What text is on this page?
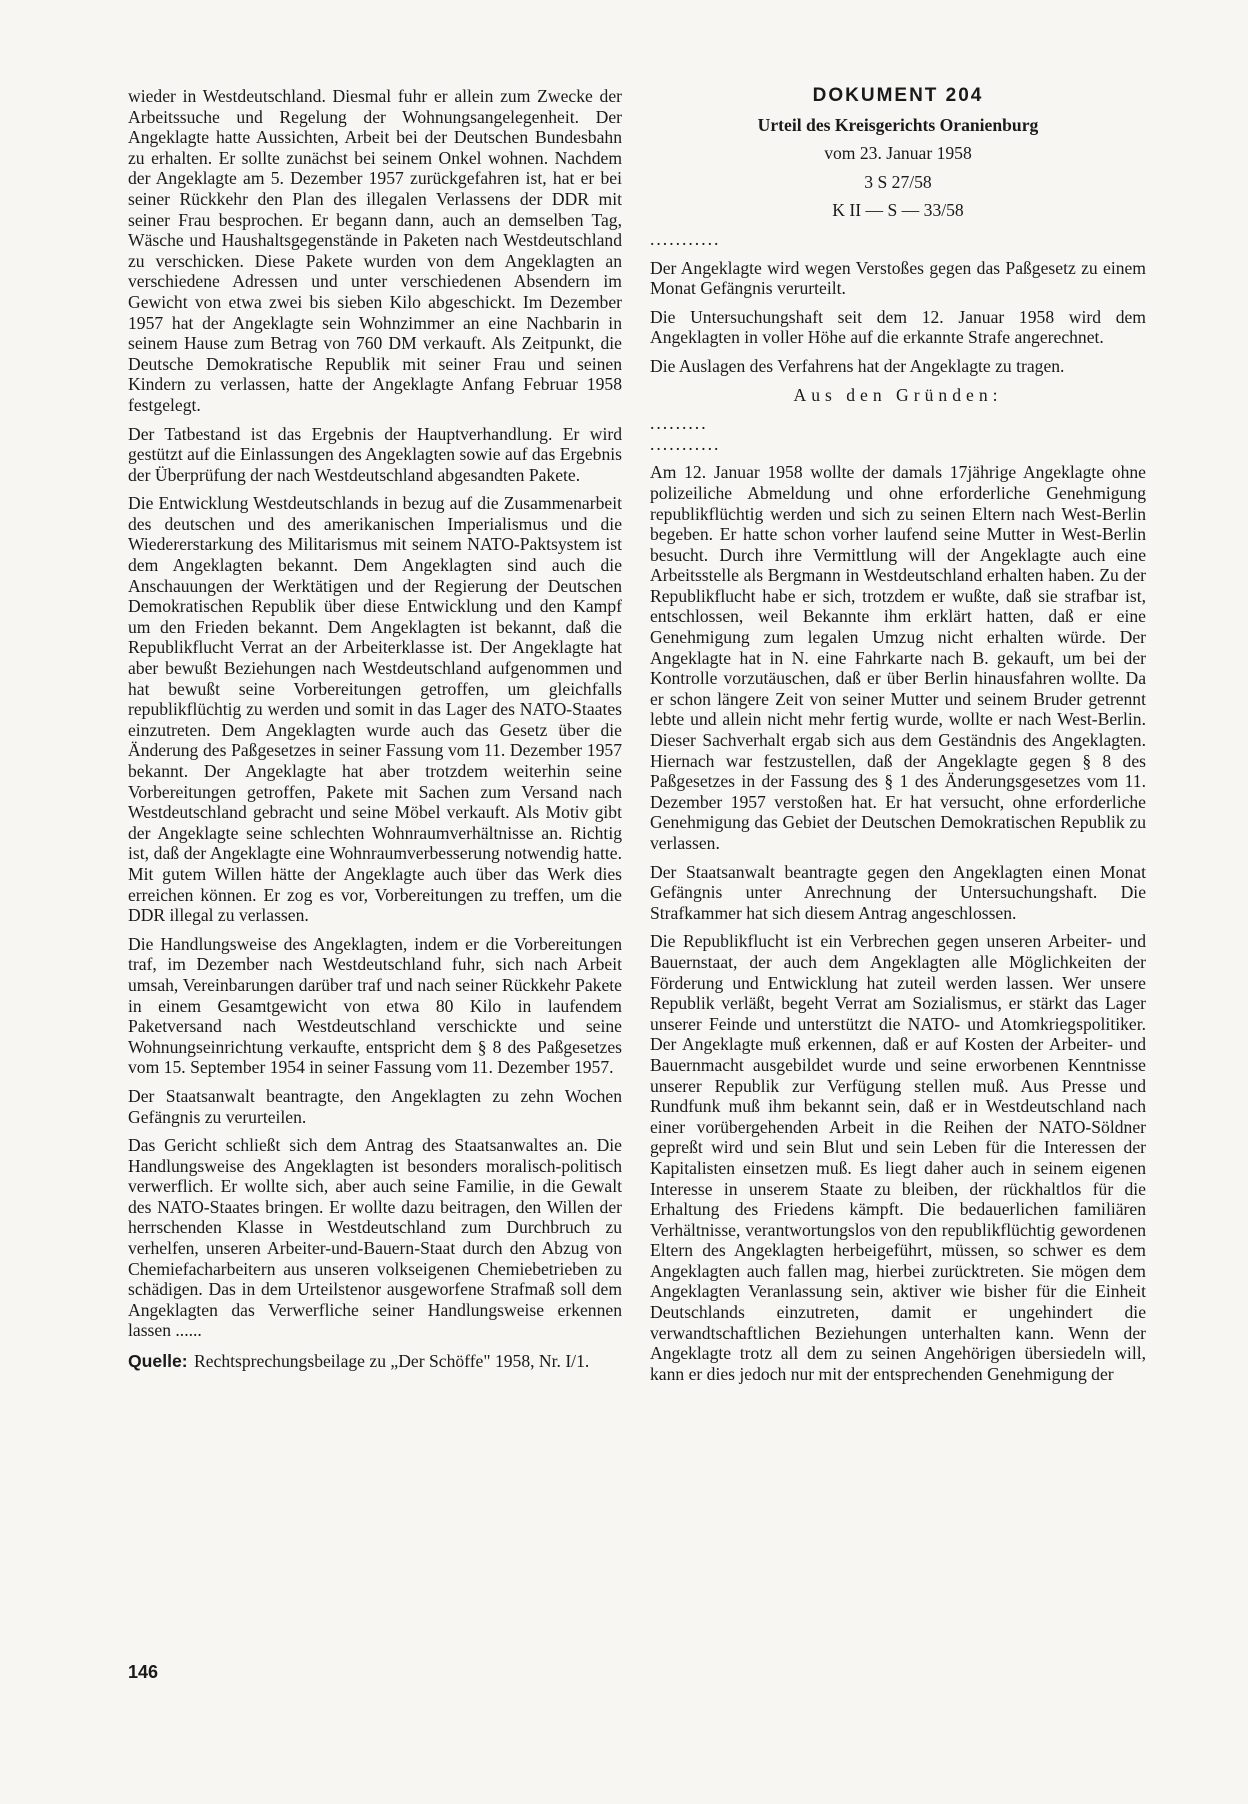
wieder in Westdeutschland. Diesmal fuhr er allein zum Zwecke der Arbeitssuche und Regelung der Wohnungsangelegenheit. Der Angeklagte hatte Aussichten, Arbeit bei der Deutschen Bundesbahn zu erhalten. Er sollte zunächst bei seinem Onkel wohnen. Nachdem der Angeklagte am 5. Dezember 1957 zurückgefahren ist, hat er bei seiner Rückkehr den Plan des illegalen Verlassens der DDR mit seiner Frau besprochen. Er begann dann, auch an demselben Tag, Wäsche und Haushaltsgegenstände in Paketen nach Westdeutschland zu verschicken. Diese Pakete wurden von dem Angeklagten an verschiedene Adressen und unter verschiedenen Absendern im Gewicht von etwa zwei bis sieben Kilo abgeschickt. Im Dezember 1957 hat der Angeklagte sein Wohnzimmer an eine Nachbarin in seinem Hause zum Betrag von 760 DM verkauft. Als Zeitpunkt, die Deutsche Demokratische Republik mit seiner Frau und seinen Kindern zu verlassen, hatte der Angeklagte Anfang Februar 1958 festgelegt.

Der Tatbestand ist das Ergebnis der Hauptverhandlung. Er wird gestützt auf die Einlassungen des Angeklagten sowie auf das Ergebnis der Überprüfung der nach Westdeutschland abgesandten Pakete.

Die Entwicklung Westdeutschlands in bezug auf die Zusammenarbeit des deutschen und des amerikanischen Imperialismus und die Wiedererstarkung des Militarismus mit seinem NATO-Paktsystem ist dem Angeklagten bekannt. Dem Angeklagten sind auch die Anschauungen der Werktätigen und der Regierung der Deutschen Demokratischen Republik über diese Entwicklung und den Kampf um den Frieden bekannt. Dem Angeklagten ist bekannt, daß die Republikflucht Verrat an der Arbeiterklasse ist. Der Angeklagte hat aber bewußt Beziehungen nach Westdeutschland aufgenommen und hat bewußt seine Vorbereitungen getroffen, um gleichfalls republikflüchtig zu werden und somit in das Lager des NATO-Staates einzutreten. Dem Angeklagten wurde auch das Gesetz über die Änderung des Paßgesetzes in seiner Fassung vom 11. Dezember 1957 bekannt. Der Angeklagte hat aber trotzdem weiterhin seine Vorbereitungen getroffen, Pakete mit Sachen zum Versand nach Westdeutschland gebracht und seine Möbel verkauft. Als Motiv gibt der Angeklagte seine schlechten Wohnraumverhältnisse an. Richtig ist, daß der Angeklagte eine Wohnraumverbesserung notwendig hatte. Mit gutem Willen hätte der Angeklagte auch über das Werk dies erreichen können. Er zog es vor, Vorbereitungen zu treffen, um die DDR illegal zu verlassen.

Die Handlungsweise des Angeklagten, indem er die Vorbereitungen traf, im Dezember nach Westdeutschland fuhr, sich nach Arbeit umsah, Vereinbarungen darüber traf und nach seiner Rückkehr Pakete in einem Gesamtgewicht von etwa 80 Kilo in laufendem Paketversand nach Westdeutschland verschickte und seine Wohnungseinrichtung verkaufte, entspricht dem § 8 des Paßgesetzes vom 15. September 1954 in seiner Fassung vom 11. Dezember 1957.

Der Staatsanwalt beantragte, den Angeklagten zu zehn Wochen Gefängnis zu verurteilen.

Das Gericht schließt sich dem Antrag des Staatsanwaltes an. Die Handlungsweise des Angeklagten ist besonders moralisch-politisch verwerflich. Er wollte sich, aber auch seine Familie, in die Gewalt des NATO-Staates bringen. Er wollte dazu beitragen, den Willen der herrschenden Klasse in Westdeutschland zum Durchbruch zu verhelfen, unseren Arbeiter-und-Bauern-Staat durch den Abzug von Chemiefacharbeitern aus unseren volkseigenen Chemiebetrieben zu schädigen. Das in dem Urteilstenor ausgeworfene Strafmaß soll dem Angeklagten das Verwerfliche seiner Handlungsweise erkennen lassen ......

Quelle: Rechtsprechungsbeilage zu „Der Schöffe" 1958, Nr. I/1.
146

DOKUMENT 204

Urteil des Kreisgerichts Oranienburg

vom 23. Januar 1958

3 S 27/58

K II — S — 33/58

...........

Der Angeklagte wird wegen Verstoßes gegen das Paßgesetz zu einem Monat Gefängnis verurteilt.

Die Untersuchungshaft seit dem 12. Januar 1958 wird dem Angeklagten in voller Höhe auf die erkannte Strafe angerechnet.

Die Auslagen des Verfahrens hat der Angeklagte zu tragen.

Aus den Gründen:

.........

...........

Am 12. Januar 1958 wollte der damals 17jährige Angeklagte ohne polizeiliche Abmeldung und ohne erforderliche Genehmigung republikflüchtig werden und sich zu seinen Eltern nach West-Berlin begeben. Er hatte schon vorher laufend seine Mutter in West-Berlin besucht. Durch ihre Vermittlung will der Angeklagte auch eine Arbeitsstelle als Bergmann in Westdeutschland erhalten haben. Zu der Republikflucht habe er sich, trotzdem er wußte, daß sie strafbar ist, entschlossen, weil Bekannte ihm erklärt hatten, daß er eine Genehmigung zum legalen Umzug nicht erhalten würde. Der Angeklagte hat in N. eine Fahrkarte nach B. gekauft, um bei der Kontrolle vorzutäuschen, daß er über Berlin hinausfahren wollte. Da er schon längere Zeit von seiner Mutter und seinem Bruder getrennt lebte und allein nicht mehr fertig wurde, wollte er nach West-Berlin. Dieser Sachverhalt ergab sich aus dem Geständnis des Angeklagten. Hiernach war festzustellen, daß der Angeklagte gegen § 8 des Paßgesetzes in der Fassung des § 1 des Änderungsgesetzes vom 11. Dezember 1957 verstoßen hat. Er hat versucht, ohne erforderliche Genehmigung das Gebiet der Deutschen Demokratischen Republik zu verlassen.

Der Staatsanwalt beantragte gegen den Angeklagten einen Monat Gefängnis unter Anrechnung der Untersuchungshaft. Die Strafkammer hat sich diesem Antrag angeschlossen.

Die Republikflucht ist ein Verbrechen gegen unseren Arbeiter- und Bauernstaat, der auch dem Angeklagten alle Möglichkeiten der Förderung und Entwicklung hat zuteil werden lassen. Wer unsere Republik verläßt, begeht Verrat am Sozialismus, er stärkt das Lager unserer Feinde und unterstützt die NATO- und Atomkriegspolitiker. Der Angeklagte muß erkennen, daß er auf Kosten der Arbeiter- und Bauernmacht ausgebildet wurde und seine erworbenen Kenntnisse unserer Republik zur Verfügung stellen muß. Aus Presse und Rundfunk muß ihm bekannt sein, daß er in Westdeutschland nach einer vorübergehenden Arbeit in die Reihen der NATO-Söldner gepreßt wird und sein Blut und sein Leben für die Interessen der Kapitalisten einsetzen muß. Es liegt daher auch in seinem eigenen Interesse in unserem Staate zu bleiben, der rückhaltlos für die Erhaltung des Friedens kämpft. Die bedauerlichen familiären Verhältnisse, verantwortungslos von den republikflüchtig gewordenen Eltern des Angeklagten herbeigeführt, müssen, so schwer es dem Angeklagten auch fallen mag, hierbei zurücktreten. Sie mögen dem Angeklagten Veranlassung sein, aktiver wie bisher für die Einheit Deutschlands einzutreten, damit er ungehindert die verwandtschaftlichen Beziehungen unterhalten kann. Wenn der Angeklagte trotz all dem zu seinen Angehörigen übersiedeln will, kann er dies jedoch nur mit der entsprechenden Genehmigung der
